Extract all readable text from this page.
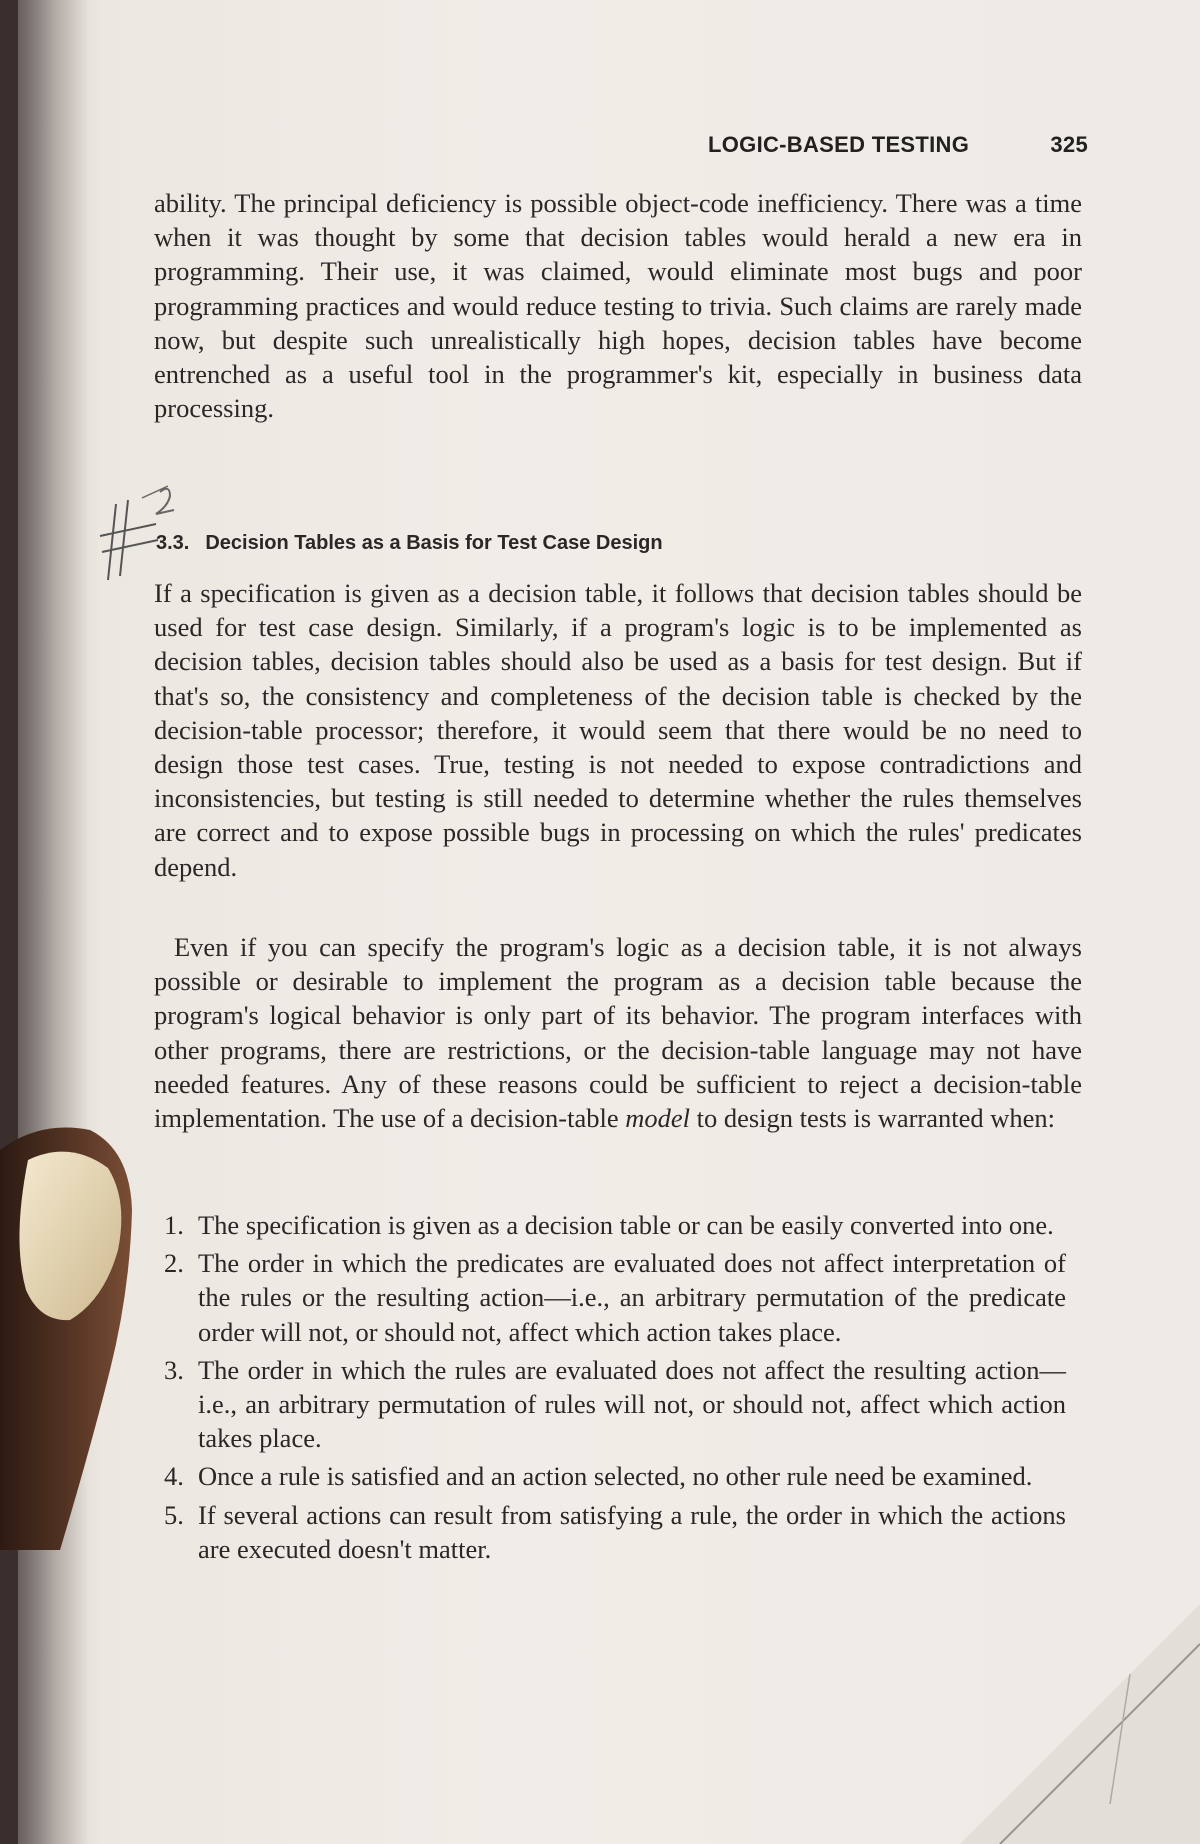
LOGIC-BASED TESTING	325
ability. The principal deficiency is possible object-code inefficiency. There was a time when it was thought by some that decision tables would herald a new era in programming. Their use, it was claimed, would eliminate most bugs and poor programming practices and would reduce testing to trivia. Such claims are rarely made now, but despite such unrealistically high hopes, decision tables have become entrenched as a useful tool in the programmer's kit, especially in business data processing.
3.3. Decision Tables as a Basis for Test Case Design
If a specification is given as a decision table, it follows that decision tables should be used for test case design. Similarly, if a program's logic is to be implemented as decision tables, decision tables should also be used as a basis for test design. But if that's so, the consistency and completeness of the decision table is checked by the decision-table processor; therefore, it would seem that there would be no need to design those test cases. True, testing is not needed to expose contradictions and inconsistencies, but testing is still needed to determine whether the rules themselves are correct and to expose possible bugs in processing on which the rules' predicates depend.
Even if you can specify the program's logic as a decision table, it is not always possible or desirable to implement the program as a decision table because the program's logical behavior is only part of its behavior. The program interfaces with other programs, there are restrictions, or the decision-table language may not have needed features. Any of these reasons could be sufficient to reject a decision-table implementation. The use of a decision-table model to design tests is warranted when:
1. The specification is given as a decision table or can be easily converted into one.
2. The order in which the predicates are evaluated does not affect interpretation of the rules or the resulting action—i.e., an arbitrary permutation of the predicate order will not, or should not, affect which action takes place.
3. The order in which the rules are evaluated does not affect the resulting action—i.e., an arbitrary permutation of rules will not, or should not, affect which action takes place.
4. Once a rule is satisfied and an action selected, no other rule need be examined.
5. If several actions can result from satisfying a rule, the order in which the actions are executed doesn't matter.
